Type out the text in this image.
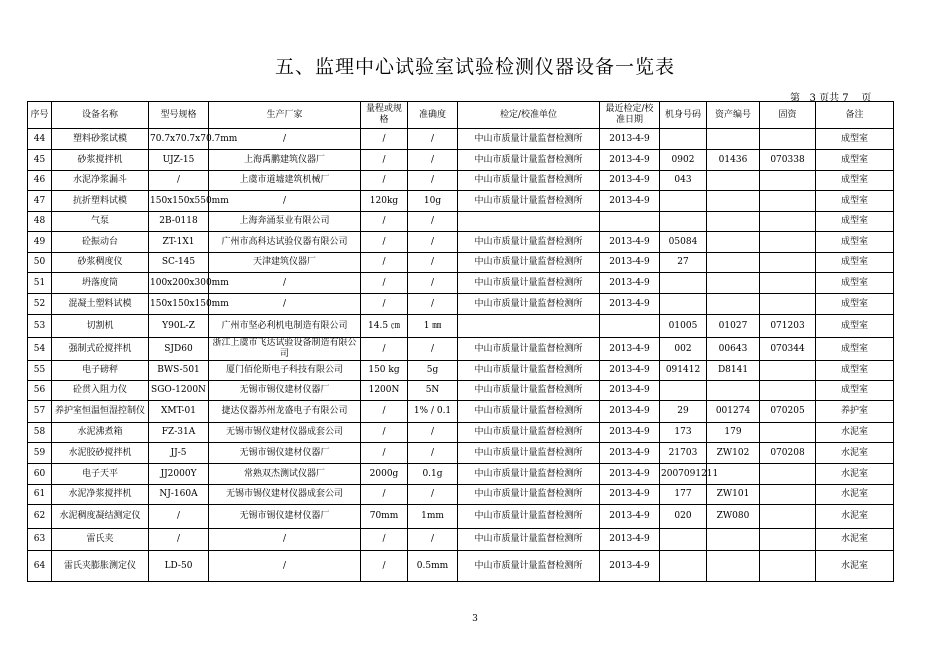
五、监理中心试验室试验检测仪器设备一览表
第   3 页共 7    页
序号	设备名称	型号规格	生产厂家	量程或规格	准确度	检定/校准单位	最近检定/校准日期	机身号码	资产编号	固资	备注
44	塑料砂浆试模	70.7x70.7x70.7mm	/	/	/	中山市质量计量监督检测所	2013-4-9				成型室
45	砂浆搅拌机	UJZ-15	上海禹鹏建筑仪器厂	/	/	中山市质量计量监督检测所	2013-4-9	0902	01436	070338	成型室
46	水泥净浆漏斗	/	上虞市道墟建筑机械厂	/	/	中山市质量计量监督检测所	2013-4-9	043			成型室
47	抗折塑料试模	150x150x550mm	/	120kg	10g	中山市质量计量监督检测所	2013-4-9				成型室
48	气泵	2B-0118	上海奔涌泵业有限公司	/	/						成型室
49	砼振动台	ZT-1X1	广州市高科达试验仪器有限公司	/	/	中山市质量计量监督检测所	2013-4-9	05084			成型室
50	砂浆稠度仪	SC-145	天津建筑仪器厂	/	/	中山市质量计量监督检测所	2013-4-9	27			成型室
51	坍落度筒	100x200x300mm	/	/	/	中山市质量计量监督检测所	2013-4-9				成型室
52	混凝土塑料试模	150x150x150mm	/	/	/	中山市质量计量监督检测所	2013-4-9				成型室
53	切割机	Y90L-Z	广州市坚必利机电制造有限公司	14.5 ㎝	1 ㎜			01005	01027	071203	成型室
54	强制式砼搅拌机	SJD60	浙江上虞市飞达试验设备制造有限公司	/	/	中山市质量计量监督检测所	2013-4-9	002	00643	070344	成型室
55	电子磅秤	BWS-501	厦门佰伦斯电子科技有限公司	150 kg	5g	中山市质量计量监督检测所	2013-4-9	091412	D8141		成型室
56	砼贯入阻力仪	SGO-1200N	无锡市锡仪建材仪器厂	1200N	5N	中山市质量计量监督检测所	2013-4-9				成型室
57	养护室恒温恒湿控制仪	XMT-01	捷达仪器苏州龙盛电子有限公司	/	1% / 0.1	中山市质量计量监督检测所	2013-4-9	29	001274	070205	养护室
58	水泥沸煮箱	FZ-31A	无锡市锡仪建材仪器成套公司	/	/	中山市质量计量监督检测所	2013-4-9	173	179		水泥室
59	水泥胶砂搅拌机	JJ-5	无锡市锡仪建材仪器厂	/	/	中山市质量计量监督检测所	2013-4-9	21703	ZW102	070208	水泥室
60	电子天平	JJ2000Y	常熟双杰测试仪器厂	2000g	0.1g	中山市质量计量监督检测所	2013-4-9	2007091211			水泥室
61	水泥净浆搅拌机	NJ-160A	无锡市锡仪建材仪器成套公司	/	/	中山市质量计量监督检测所	2013-4-9	177	ZW101		水泥室
62	水泥稠度凝结测定仪	/	无锡市锡仪建材仪器厂	70mm	1mm	中山市质量计量监督检测所	2013-4-9	020	ZW080		水泥室
63	雷氏夹	/	/	/	/	中山市质量计量监督检测所	2013-4-9				水泥室
64	雷氏夹膨胀测定仪	LD-50	/	/	0.5mm	中山市质量计量监督检测所	2013-4-9				水泥室
3
